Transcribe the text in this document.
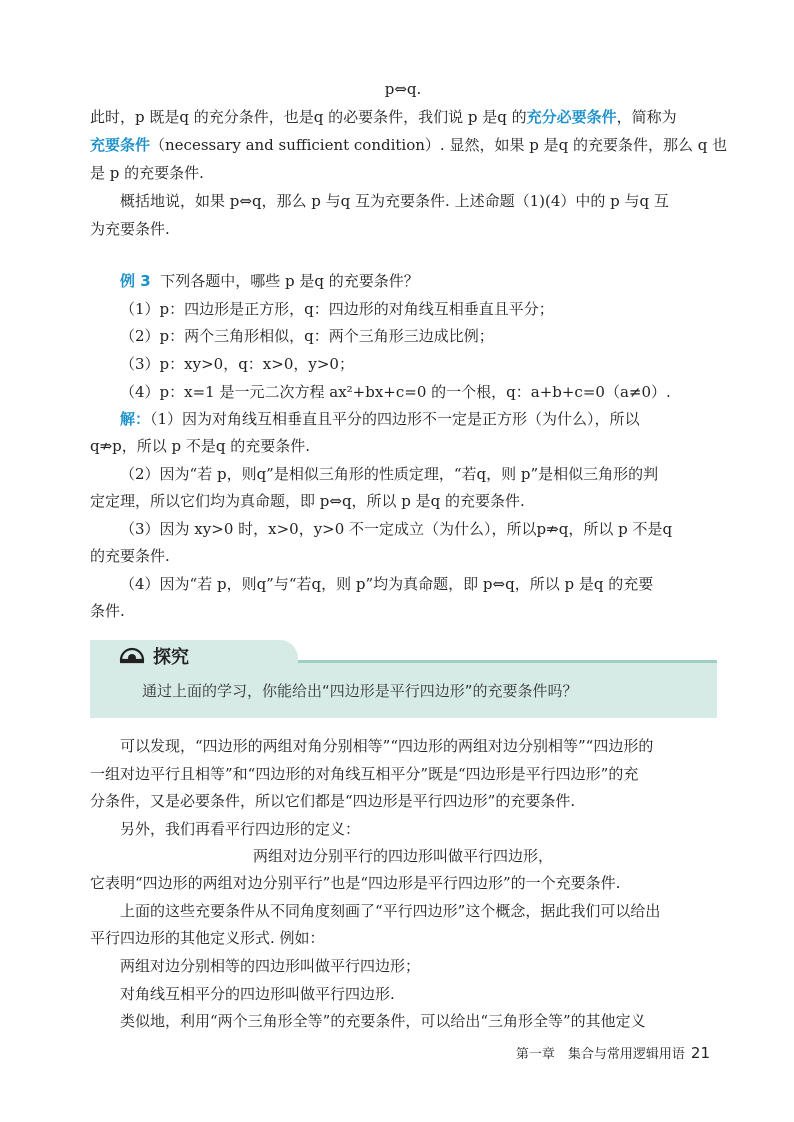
p⇔q.
此时，p 既是q 的充分条件，也是q 的必要条件，我们说 p 是q 的充分必要条件，简称为
充要条件（necessary and sufficient condition）. 显然，如果 p 是q 的充要条件，那么 q 也
是 p 的充要条件.
概括地说，如果 p⇔q，那么 p 与q 互为充要条件. 上述命题（1)(4）中的 p 与q 互
为充要条件.
例 3 下列各题中，哪些 p 是q 的充要条件？
（1）p：四边形是正方形，q：四边形的对角线互相垂直且平分；
（2）p：两个三角形相似，q：两个三角形三边成比例；
（3）p：xy>0，q：x>0，y>0；
（4）p：x=1 是一元二次方程 ax²+bx+c=0 的一个根，q：a+b+c=0（a≠0）.
解：（1）因为对角线互相垂直且平分的四边形不一定是正方形（为什么），所以
q⇏p，所以 p 不是q 的充要条件.
（2）因为“若 p，则q”是相似三角形的性质定理，“若q，则 p”是相似三角形的判
定定理，所以它们均为真命题，即 p⇔q，所以 p 是q 的充要条件.
（3）因为 xy>0 时，x>0，y>0 不一定成立（为什么），所以p⇏q，所以 p 不是q
的充要条件.
（4）因为“若 p，则q”与“若q，则 p”均为真命题，即 p⇔q，所以 p 是q 的充要
条件.
探究
通过上面的学习，你能给出“四边形是平行四边形”的充要条件吗？
可以发现，“四边形的两组对角分别相等”“四边形的两组对边分别相等”“四边形的
一组对边平行且相等”和“四边形的对角线互相平分”既是“四边形是平行四边形”的充
分条件，又是必要条件，所以它们都是“四边形是平行四边形”的充要条件.
另外，我们再看平行四边形的定义：
两组对边分别平行的四边形叫做平行四边形，
它表明“四边形的两组对边分别平行”也是“四边形是平行四边形”的一个充要条件.
上面的这些充要条件从不同角度刻画了“平行四边形”这个概念，据此我们可以给出
平行四边形的其他定义形式. 例如：
两组对边分别相等的四边形叫做平行四边形；
对角线互相平分的四边形叫做平行四边形.
类似地，利用“两个三角形全等”的充要条件，可以给出“三角形全等”的其他定义
第一章　集合与常用逻辑用语 21
